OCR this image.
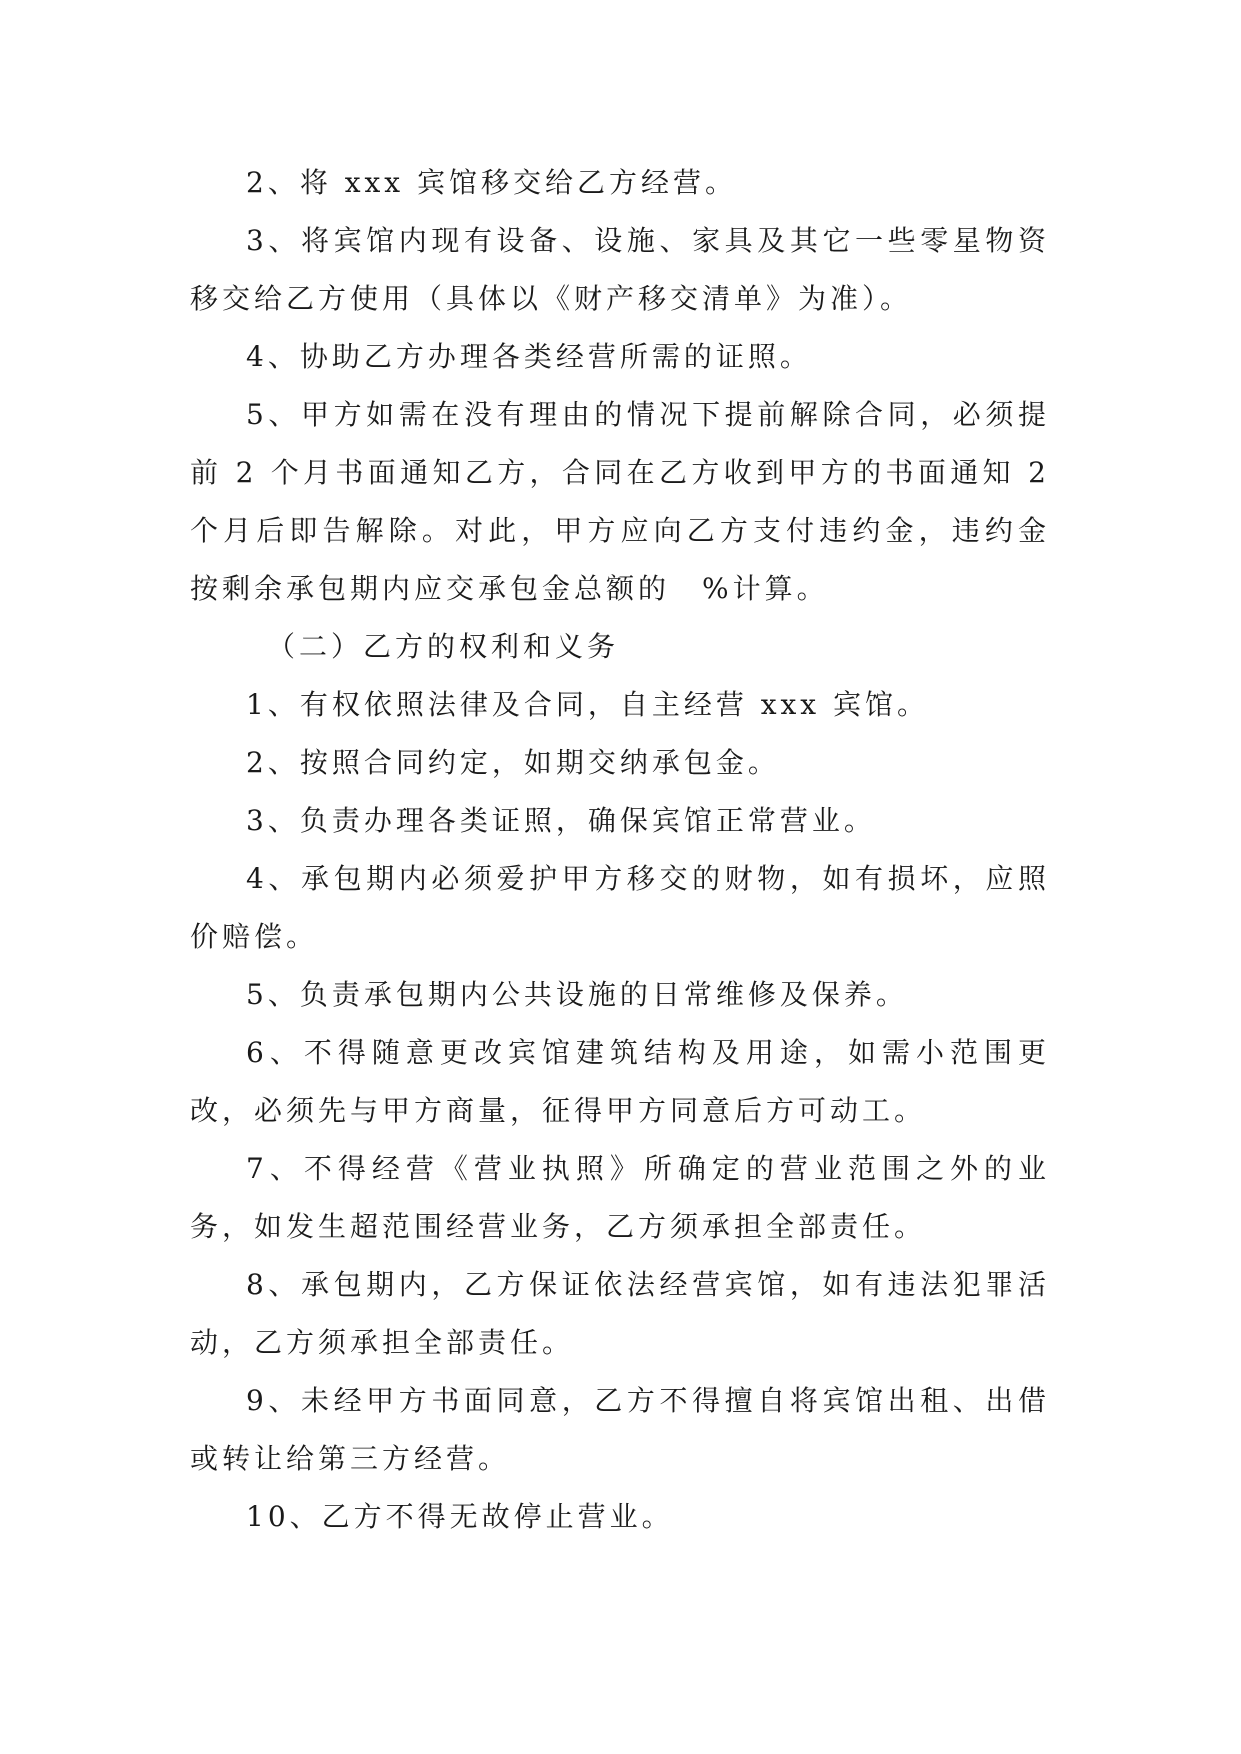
2、将 xxx 宾馆移交给乙方经营。

3、将宾馆内现有设备、设施、家具及其它一些零星物资移交给乙方使用（具体以《财产移交清单》为准）。

4、协助乙方办理各类经营所需的证照。

5、甲方如需在没有理由的情况下提前解除合同，必须提前 2 个月书面通知乙方，合同在乙方收到甲方的书面通知 2 个月后即告解除。对此，甲方应向乙方支付违约金，违约金按剩余承包期内应交承包金总额的　%计算。

（二）乙方的权利和义务

1、有权依照法律及合同，自主经营 xxx 宾馆。

2、按照合同约定，如期交纳承包金。

3、负责办理各类证照，确保宾馆正常营业。

4、承包期内必须爱护甲方移交的财物，如有损坏，应照价赔偿。

5、负责承包期内公共设施的日常维修及保养。

6、不得随意更改宾馆建筑结构及用途，如需小范围更改，必须先与甲方商量，征得甲方同意后方可动工。

7、不得经营《营业执照》所确定的营业范围之外的业务，如发生超范围经营业务，乙方须承担全部责任。

8、承包期内，乙方保证依法经营宾馆，如有违法犯罪活动，乙方须承担全部责任。

9、未经甲方书面同意，乙方不得擅自将宾馆出租、出借或转让给第三方经营。

10、乙方不得无故停止营业。
